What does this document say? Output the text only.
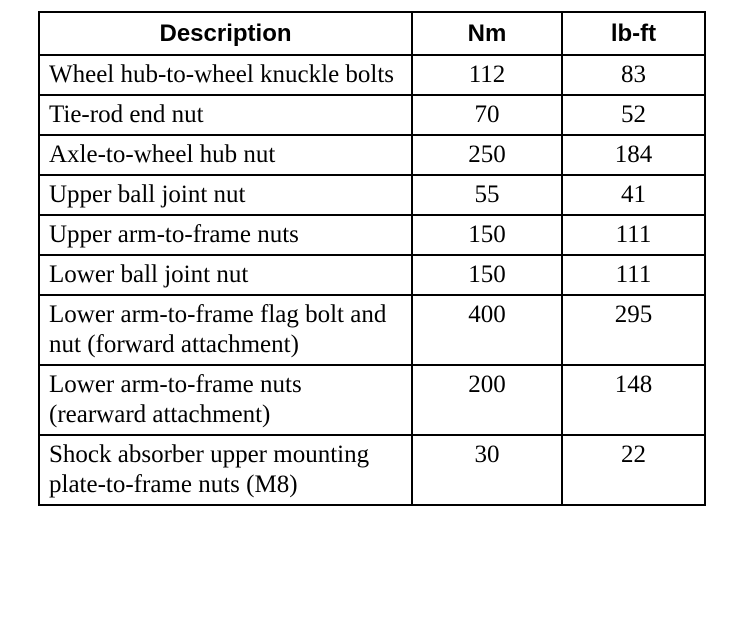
Description	Nm	lb-ft
Wheel hub-to-wheel knuckle bolts	112	83
Tie-rod end nut	70	52
Axle-to-wheel hub nut	250	184
Upper ball joint nut	55	41
Upper arm-to-frame nuts	150	111
Lower ball joint nut	150	111
Lower arm-to-frame flag bolt and nut (forward attachment)	400	295
Lower arm-to-frame nuts (rearward attachment)	200	148
Shock absorber upper mounting plate-to-frame nuts (M8)	30	22
